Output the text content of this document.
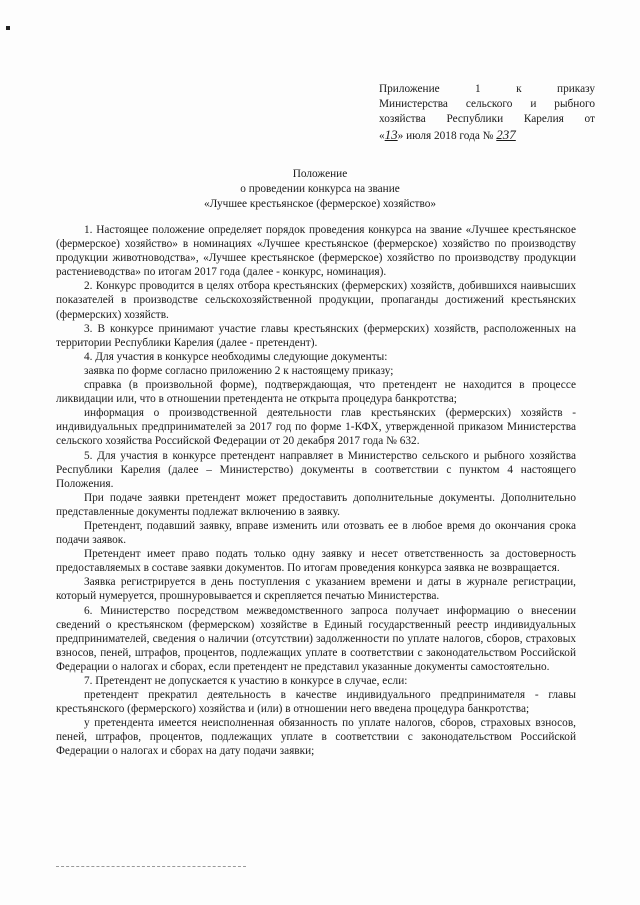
Приложение 1 к приказу
Министерства сельского и рыбного
хозяйства Республики Карелия от
«13» июля 2018 года № 237
Положение
о проведении конкурса на звание
«Лучшее крестьянское (фермерское) хозяйство»

1. Настоящее положение определяет порядок проведения конкурса на звание «Лучшее крестьянское (фермерское) хозяйство» в номинациях «Лучшее крестьянское (фермерское) хозяйство по производству продукции животноводства», «Лучшее крестьянское (фермерское) хозяйство по производству продукции растениеводства» по итогам 2017 года (далее - конкурс, номинация).

2. Конкурс проводится в целях отбора крестьянских (фермерских) хозяйств, добившихся наивысших показателей в производстве сельскохозяйственной продукции, пропаганды достижений крестьянских (фермерских) хозяйств.

3. В конкурсе принимают участие главы крестьянских (фермерских) хозяйств, расположенных на территории Республики Карелия (далее - претендент).

4. Для участия в конкурсе необходимы следующие документы:

заявка по форме согласно приложению 2 к настоящему приказу;

справка (в произвольной форме), подтверждающая, что претендент не находится в процессе ликвидации или, что в отношении претендента не открыта процедура банкротства;

информация о производственной деятельности глав крестьянских (фермерских) хозяйств - индивидуальных предпринимателей за 2017 год по форме 1-КФХ, утвержденной приказом Министерства сельского хозяйства Российской Федерации от 20 декабря 2017 года № 632.

5. Для участия в конкурсе претендент направляет в Министерство сельского и рыбного хозяйства Республики Карелия (далее – Министерство) документы в соответствии с пунктом 4 настоящего Положения.

При подаче заявки претендент может предоставить дополнительные документы. Дополнительно представленные документы подлежат включению в заявку.

Претендент, подавший заявку, вправе изменить или отозвать ее в любое время до окончания срока подачи заявок.

Претендент имеет право подать только одну заявку и несет ответственность за достоверность предоставляемых в составе заявки документов. По итогам проведения конкурса заявка не возвращается.

Заявка регистрируется в день поступления с указанием времени и даты в журнале регистрации, который нумеруется, прошнуровывается и скрепляется печатью Министерства.

6. Министерство посредством межведомственного запроса получает информацию о внесении сведений о крестьянском (фермерском) хозяйстве в Единый государственный реестр индивидуальных предпринимателей, сведения о наличии (отсутствии) задолженности по уплате налогов, сборов, страховых взносов, пеней, штрафов, процентов, подлежащих уплате в соответствии с законодательством Российской Федерации о налогах и сборах, если претендент не представил указанные документы самостоятельно.

7. Претендент не допускается к участию в конкурсе в случае, если:

претендент прекратил деятельность в качестве индивидуального предпринимателя - главы крестьянского (фермерского) хозяйства и (или) в отношении него введена процедура банкротства;

у претендента имеется неисполненная обязанность по уплате налогов, сборов, страховых взносов, пеней, штрафов, процентов, подлежащих уплате в соответствии с законодательством Российской Федерации о налогах и сборах на дату подачи заявки;
